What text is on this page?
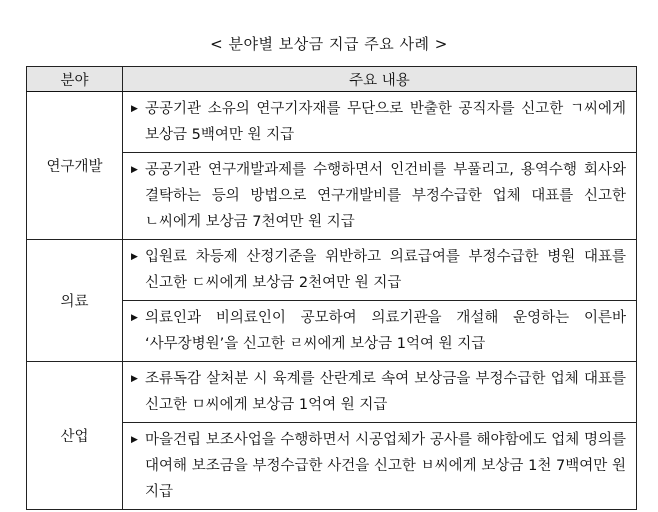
< 분야별 보상금 지급 주요 사례 >
분야	주요 내용
연구개발	▶ 공공기관 소유의 연구기자재를 무단으로 반출한 공직자를 신고한 ㄱ씨에게 보상금 5백여만 원 지급

	▶ 공공기관 연구개발과제를 수행하면서 인건비를 부풀리고, 용역수행 회사와 결탁하는 등의 방법으로 연구개발비를 부정수급한 업체 대표를 신고한 ㄴ씨에게 보상금 7천여만 원 지급

의료	▶ 입원료 차등제 산정기준을 위반하고 의료급여를 부정수급한 병원 대표를 신고한 ㄷ씨에게 보상금 2천여만 원 지급

	▶ 의료인과 비의료인이 공모하여 의료기관을 개설해 운영하는 이른바 ‘사무장병원’을 신고한 ㄹ씨에게 보상금 1억여 원 지급

산업	▶ 조류독감 살처분 시 육계를 산란계로 속여 보상금을 부정수급한 업체 대표를 신고한 ㅁ씨에게 보상금 1억여 원 지급

	▶ 마을건립 보조사업을 수행하면서 시공업체가 공사를 해야함에도 업체 명의를 대여해 보조금을 부정수급한 사건을 신고한 ㅂ씨에게 보상금 1천 7백여만 원 지급
